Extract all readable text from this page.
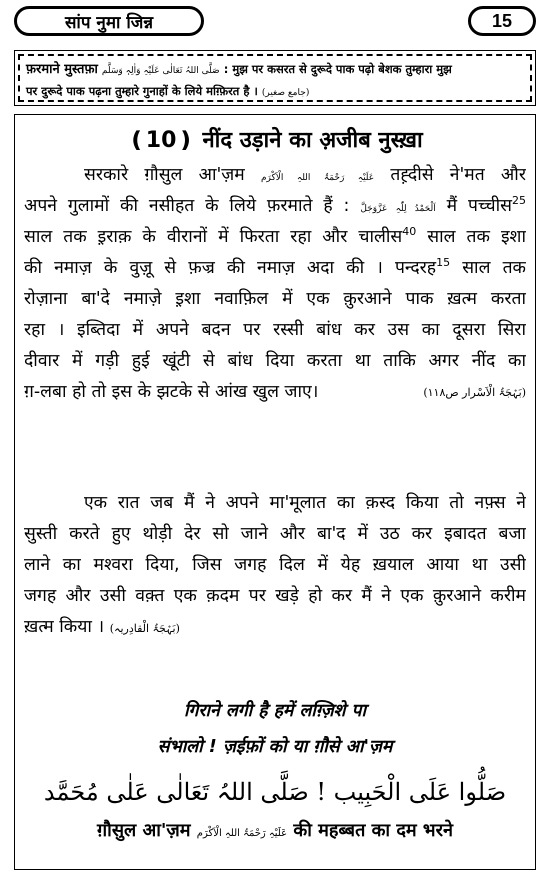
सांप नुमा जिन्न	15
फ़रमाने मुस्तफ़ा صَلَّی اللہُ تَعَالٰی عَلَیْہِ وَاٰلِہٖ وَسَلَّم : मुझ पर कसरत से दुरूदे पाक पढ़ो बेशक तुम्हारा मुझ
पर दुरूदे पाक पढ़ना तुम्हारे गुनाहों के लिये मग़्फ़िरत है । (جامع صغیر)
❪10❫ नींद उड़ाने का अ़जीब नुस्ख़ा
सरकारे ग़ौसुल आ'ज़म عَلَیْہِ رَحْمَۃُ اللہِ الْاَکْرَم तह़्दीसे ने'मत और
अपने गुलामों की नसीहत के लिये फ़रमाते हैं : اَلْحَمْدُ لِلّٰہِ عَزَّوَجَلَّ मैं पच्चीस$^{25}$
साल तक इ़राक़ के वीरानों में फिरता रहा और चालीस$^{40}$ साल तक इशा
की नमाज़ के वुज़ू से फ़ज्र की नमाज़ अदा की । पन्दरह$^{15}$ साल तक
रोज़ाना बा'दे नमाज़े इ़शा नवाफ़िल में एक क़ुरआने पाक ख़त्म करता
रहा । इब्तिदा में अपने बदन पर रस्सी बांध कर उस का दूसरा सिरा
दीवार में गड़ी हुई खूंटी से बांध दिया करता था ताकि अगर नींद का
ग़-लबा हो तो इस के झटके से आंख खुल जाए।	(بَہْجَۃُ الْاَسْرار ص۱۱۸)
एक रात जब मैं ने अपने मा'मूलात का क़स्द किया तो नफ़्स ने
सुस्ती करते हुए थोड़ी देर सो जाने और बा'द में उठ कर इबादत बजा
लाने का मश्वरा दिया, जिस जगह दिल में येह ख़याल आया था उसी
जगह और उसी वक़्त एक क़दम पर खड़े हो कर मैं ने एक क़ुरआने करीम
ख़त्म किया । (بَہْجَۃُ الْقادِریہ)
गिराने लगी है हमें लग़्ज़िशे पा
संभालो ! ज़ईफ़ों को या ग़ौसे आ'ज़म
صَلُّوا عَلَی الْحَبِیب ! صَلَّی اللہُ تَعَالٰی عَلٰی مُحَمَّد
ग़ौसुल आ'ज़म عَلَیْہِ رَحْمَۃُ اللہِ الْاَکْرَم की महब्बत का दम भरने
